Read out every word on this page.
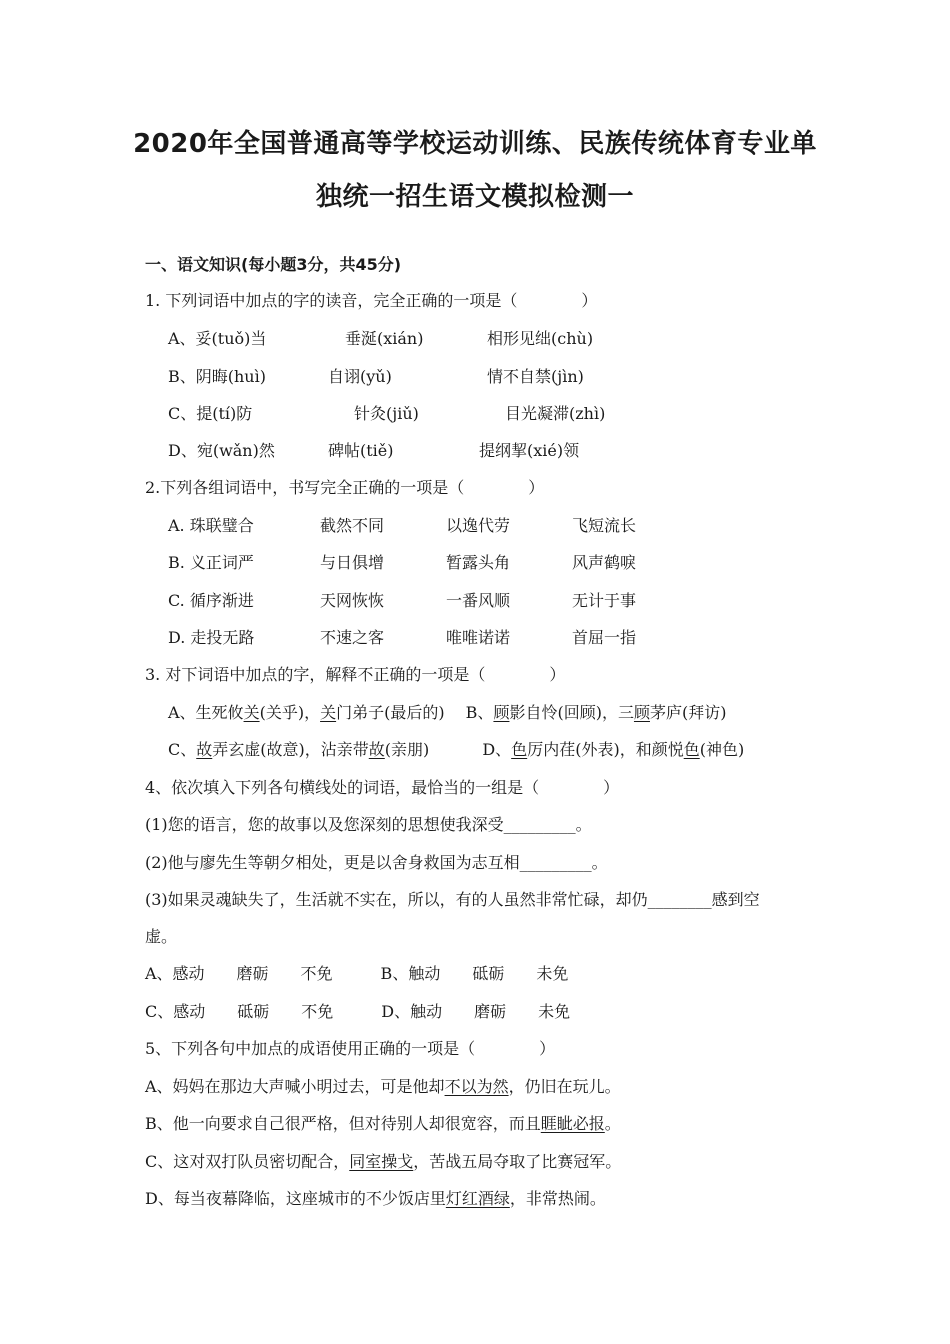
2020年全国普通高等学校运动训练、民族传统体育专业单
独统一招生语文模拟检测一
一、语文知识(每小题3分，共45分)
1. 下列词语中加点的字的读音，完全正确的一项是（　　　　）
A、妥(tuǒ)当	垂涎(xián)	相形见绌(chù)
B、阴晦(huì)	自诩(yǔ)	情不自禁(jìn)
C、提(tí)防	针灸(jiǔ)	目光凝滞(zhì)
D、宛(wǎn)然	碑帖(tiě)	提纲挈(xié)领
2.下列各组词语中，书写完全正确的一项是（　　　　）
A. 珠联璧合	截然不同	以逸代劳	飞短流长
B. 义正词严	与日俱增	暂露头角	风声鹤唳
C. 循序渐进	天网恢恢	一番风顺	无计于事
D. 走投无路	不速之客	唯唯诺诺	首屈一指
3. 对下词语中加点的字，解释不正确的一项是（　　　　）
A、生死攸关(关乎)，关门弟子(最后的)　 B、顾影自怜(回顾)，三顾茅庐(拜访)
C、故弄玄虚(故意)，沾亲带故(亲朋)　　　 D、色厉内荏(外表)，和颜悦色(神色)
4、依次填入下列各句横线处的词语，最恰当的一组是（　　　　）
(1)您的语言，您的故事以及您深刻的思想使我深受_________。
(2)他与廖先生等朝夕相处，更是以舍身救国为志互相_________。
(3)如果灵魂缺失了，生活就不实在，所以，有的人虽然非常忙碌，却仍________感到空
虚。
A、感动　　磨砺　　不免　　　B、触动　　砥砺　　未免
C、感动　　砥砺　　不免　　　D、触动　　磨砺　　未免
5、下列各句中加点的成语使用正确的一项是（　　　　）
A、妈妈在那边大声喊小明过去，可是他却不以为然，仍旧在玩儿。
B、他一向要求自己很严格，但对待别人却很宽容，而且睚眦必报。
C、这对双打队员密切配合，同室操戈，苦战五局夺取了比赛冠军。
D、每当夜幕降临，这座城市的不少饭店里灯红酒绿，非常热闹。
